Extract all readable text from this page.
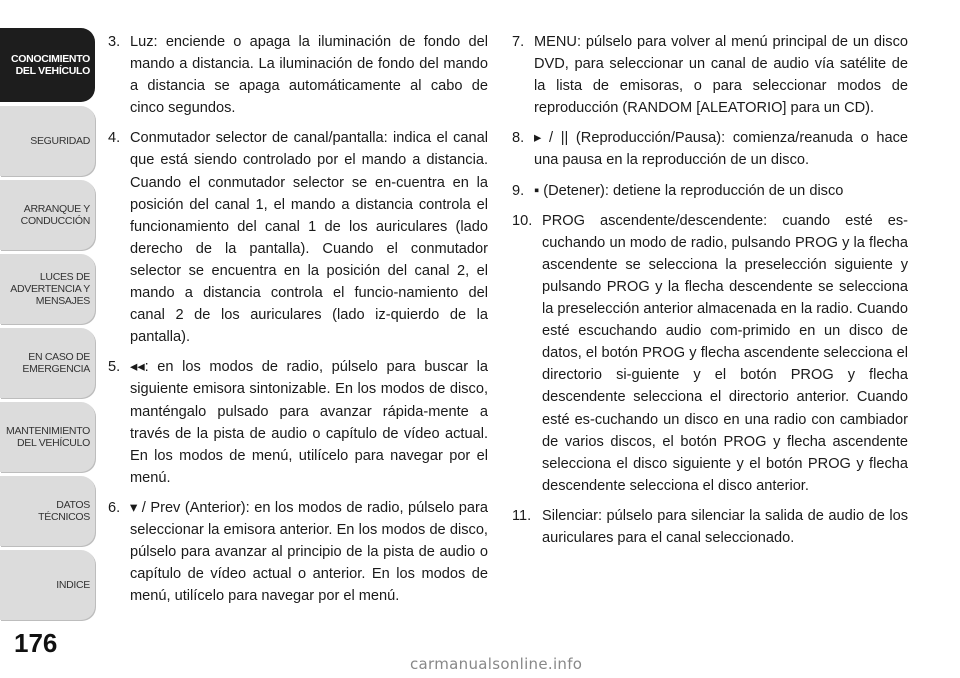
CONOCIMIENTO
DEL VEHÍCULO
SEGURIDAD
ARRANQUE Y
CONDUCCIÓN
LUCES DE
ADVERTENCIA Y
MENSAJES
EN CASO DE
EMERGENCIA
MANTENIMIENTO
DEL VEHÍCULO
DATOS
TÉCNICOS
INDICE
176
3. Luz: enciende o apaga la iluminación de fondo del mando a distancia. La iluminación de fondo del mando a distancia se apaga automáticamente al cabo de cinco segundos.
4. Conmutador selector de canal/pantalla: indica el canal que está siendo controlado por el mando a distancia. Cuando el conmutador selector se en-cuentra en la posición del canal 1, el mando a distancia controla el funcionamiento del canal 1 de los auriculares (lado derecho de la pantalla). Cuando el conmutador selector se encuentra en la posición del canal 2, el mando a distancia controla el funcio-namiento del canal 2 de los auriculares (lado iz-quierdo de la pantalla).
5. ◂◂: en los modos de radio, púlselo para buscar la siguiente emisora sintonizable. En los modos de disco, manténgalo pulsado para avanzar rápida-mente a través de la pista de audio o capítulo de vídeo actual. En los modos de menú, utilícelo para navegar por el menú.
6. ▾ / Prev (Anterior): en los modos de radio, púlselo para seleccionar la emisora anterior. En los modos de disco, púlselo para avanzar al principio de la pista de audio o capítulo de vídeo actual o anterior. En los modos de menú, utilícelo para navegar por el menú.
7. MENU: púlselo para volver al menú principal de un disco DVD, para seleccionar un canal de audio vía satélite de la lista de emisoras, o para seleccionar modos de reproducción (RANDOM [ALEATORIO] para un CD).
8. ▸ / || (Reproducción/Pausa): comienza/reanuda o hace una pausa en la reproducción de un disco.
9. ▪ (Detener): detiene la reproducción de un disco
10. PROG ascendente/descendente: cuando esté es-cuchando un modo de radio, pulsando PROG y la flecha ascendente se selecciona la preselección siguiente y pulsando PROG y la flecha descendente se selecciona la preselección anterior almacenada en la radio. Cuando esté escuchando audio com-primido en un disco de datos, el botón PROG y flecha ascendente selecciona el directorio si-guiente y el botón PROG y flecha descendente selecciona el directorio anterior. Cuando esté es-cuchando un disco en una radio con cambiador de varios discos, el botón PROG y flecha ascendente selecciona el disco siguiente y el botón PROG y flecha descendente selecciona el disco anterior.
11. Silenciar: púlselo para silenciar la salida de audio de los auriculares para el canal seleccionado.
carmanualsonline.info
